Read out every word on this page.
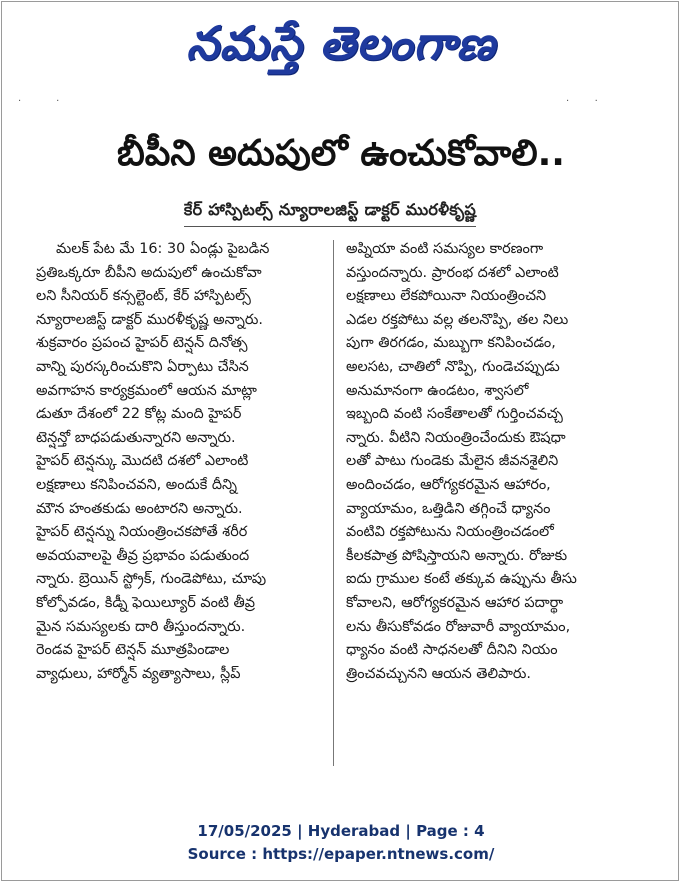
నమస్తే తెలంగాణ
·           ·	·        ·
బీపీని అదుపులో ఉంచుకోవాలి..
కేర్ హాస్పిటల్స్ న్యూరాలజిస్ట్ డాక్టర్ మురళీకృష్ణ
మలక్ పేట మే 16: 30 ఏండ్లు పైబడిన
ప్రతిఒక్కరూ బీపీని అదుపులో ఉంచుకోవా
లని సీనియర్ కన్సల్టెంట్, కేర్ హాస్పిటల్స్
న్యూరాలజిస్ట్ డాక్టర్ మురళీకృష్ణ అన్నారు.
శుక్రవారం ప్రపంచ హైపర్ టెన్షన్ దినోత్స
వాన్ని పురస్కరించుకొని ఏర్పాటు చేసిన
అవగాహన కార్యక్రమంలో ఆయన మాట్లా
డుతూ దేశంలో 22 కోట్ల మంది హైపర్
టెన్షన్తో బాధపడుతున్నారని అన్నారు.
హైపర్ టెన్షన్కు మొదటి దశలో ఎలాంటి
లక్షణాలు కనిపించవని, అందుకే దీన్ని
మౌన హంతకుడు అంటారని అన్నారు.
హైపర్ టెన్షన్ను నియంత్రించకపోతే శరీర
అవయవాలపై తీవ్ర ప్రభావం పడుతుంద
న్నారు. బ్రెయిన్ స్ట్రోక్, గుండెపోటు, చూపు
కోల్పోవడం, కిడ్నీ ఫెయిల్యూర్ వంటి తీవ్ర
మైన సమస్యలకు దారి తీస్తుందన్నారు.
రెండవ హైపర్ టెన్షన్ మూత్రపిండాల
వ్యాధులు, హార్మోన్ వ్యత్యాసాలు, స్లీప్
అప్నియా వంటి సమస్యల కారణంగా
వస్తుందన్నారు. ప్రారంభ దశలో ఎలాంటి
లక్షణాలు లేకపోయినా నియంత్రించని
ఎడల రక్తపోటు వల్ల తలనొప్పి, తల నిలు
పుగా తిరగడం, మబ్బుగా కనిపించడం,
అలసట, చాతిలో నొప్పి, గుండెచప్పుడు
అనుమానంగా ఉండటం, శ్వాసలో
ఇబ్బంది వంటి సంకేతాలతో గుర్తించవచ్చ
న్నారు. వీటిని నియంత్రించేందుకు ఔషధా
లతో పాటు గుండెకు మేలైన జీవనశైలిని
అందించడం, ఆరోగ్యకరమైన ఆహారం,
వ్యాయామం, ఒత్తిడిని తగ్గించే ధ్యానం
వంటివి రక్తపోటును నియంత్రించడంలో
కీలకపాత్ర పోషిస్తాయని అన్నారు. రోజుకు
ఐదు గ్రాముల కంటే తక్కువ ఉప్పును తీసు
కోవాలని, ఆరోగ్యకరమైన ఆహార పదార్థా
లను తీసుకోవడం రోజువారీ వ్యాయామం,
ధ్యానం వంటి సాధనలతో దీనిని నియం
త్రించవచ్చునని ఆయన తెలిపారు.
17/05/2025 | Hyderabad | Page : 4
Source : https://epaper.ntnews.com/
